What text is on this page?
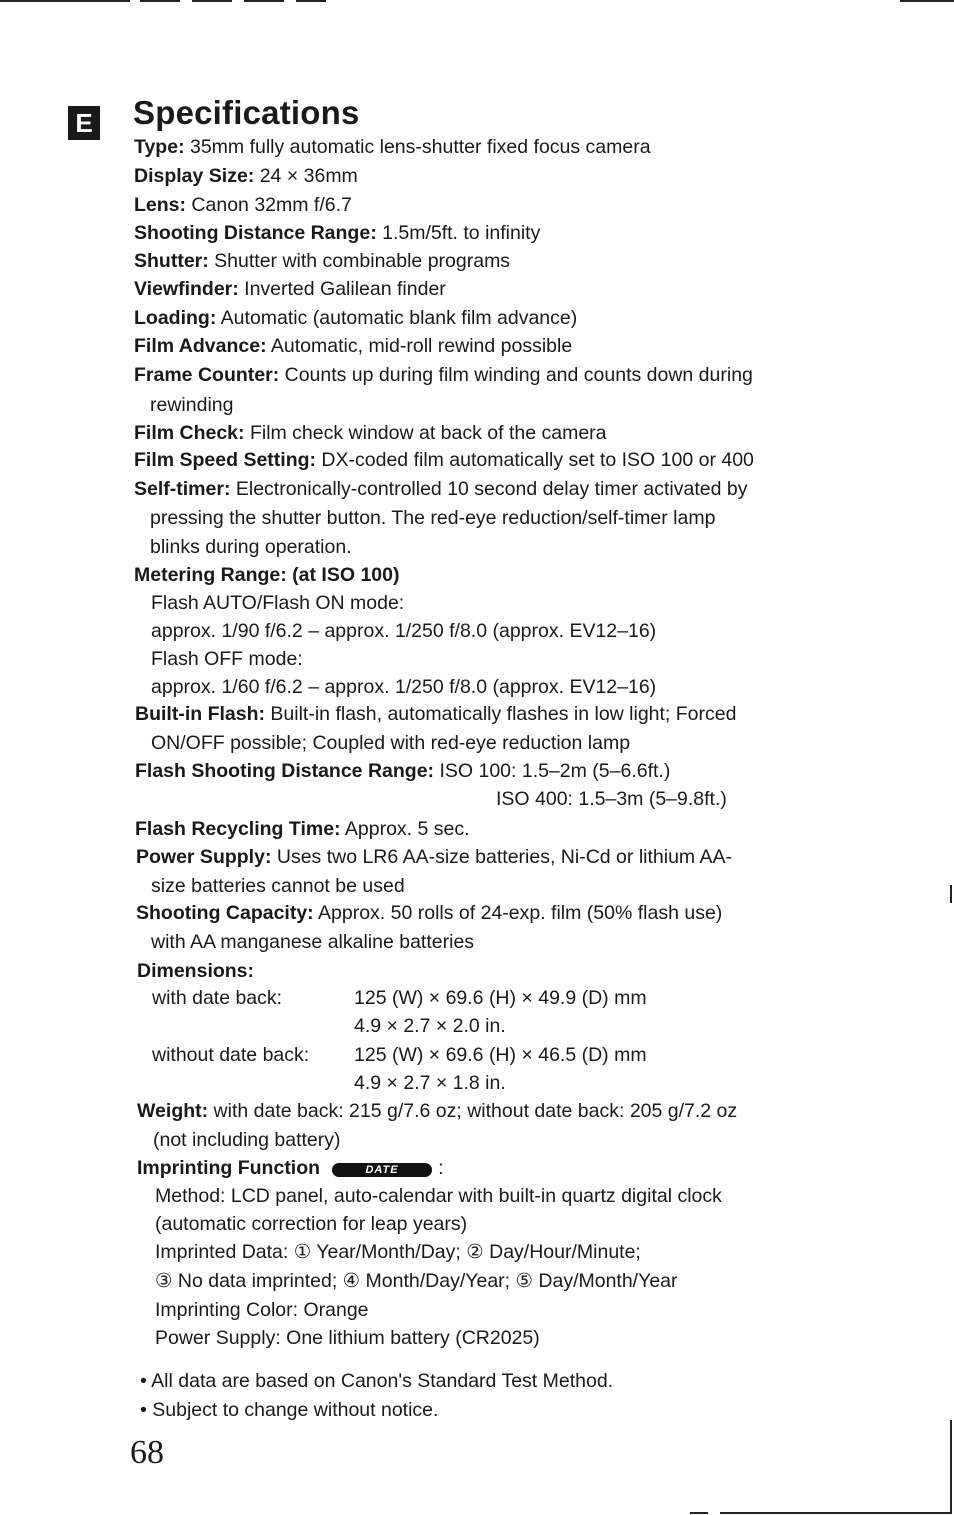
E Specifications
Type: 35mm fully automatic lens-shutter fixed focus camera
Display Size: 24 × 36mm
Lens: Canon 32mm f/6.7
Shooting Distance Range: 1.5m/5ft. to infinity
Shutter: Shutter with combinable programs
Viewfinder: Inverted Galilean finder
Loading: Automatic (automatic blank film advance)
Film Advance: Automatic, mid-roll rewind possible
Frame Counter: Counts up during film winding and counts down during
rewinding
Film Check: Film check window at back of the camera
Film Speed Setting: DX-coded film automatically set to ISO 100 or 400
Self-timer: Electronically-controlled 10 second delay timer activated by
pressing the shutter button. The red-eye reduction/self-timer lamp
blinks during operation.
Metering Range: (at ISO 100)
Flash AUTO/Flash ON mode:
approx. 1/90 f/6.2 – approx. 1/250 f/8.0 (approx. EV12–16)
Flash OFF mode:
approx. 1/60 f/6.2 – approx. 1/250 f/8.0 (approx. EV12–16)
Built-in Flash: Built-in flash, automatically flashes in low light; Forced
ON/OFF possible; Coupled with red-eye reduction lamp
Flash Shooting Distance Range: ISO 100: 1.5–2m (5–6.6ft.)
ISO 400: 1.5–3m (5–9.8ft.)
Flash Recycling Time: Approx. 5 sec.
Power Supply: Uses two LR6 AA-size batteries, Ni-Cd or lithium AA-
size batteries cannot be used
Shooting Capacity: Approx. 50 rolls of 24-exp. film (50% flash use)
with AA manganese alkaline batteries
Dimensions:
with date back:	125 (W) × 69.6 (H) × 49.9 (D) mm
4.9 × 2.7 × 2.0 in.
without date back: 125 (W) × 69.6 (H) × 46.5 (D) mm
4.9 × 2.7 × 1.8 in.
Weight: with date back: 215 g/7.6 oz; without date back: 205 g/7.2 oz
(not including battery)
Imprinting Function	DATE :
Method: LCD panel, auto-calendar with built-in quartz digital clock
(automatic correction for leap years)
Imprinted Data: ① Year/Month/Day; ② Day/Hour/Minute;
③ No data imprinted; ④ Month/Day/Year; ⑤ Day/Month/Year
Imprinting Color: Orange
Power Supply: One lithium battery (CR2025)
• All data are based on Canon's Standard Test Method.
• Subject to change without notice.
68
